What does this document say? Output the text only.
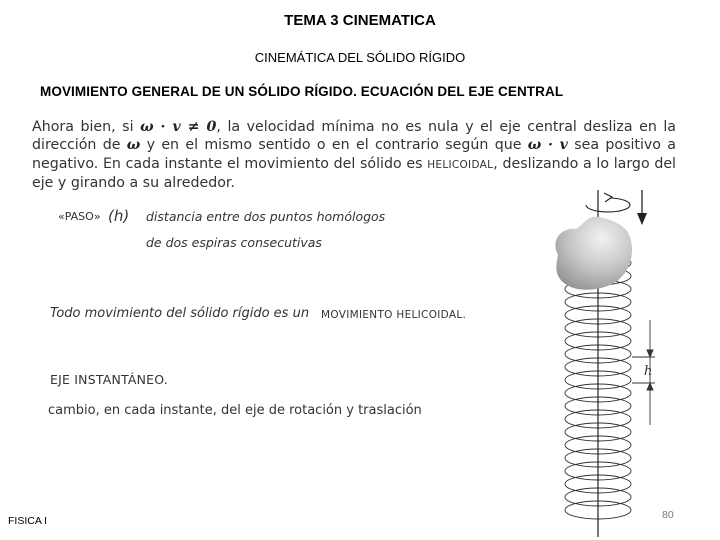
TEMA 3 CINEMATICA
CINEMÁTICA DEL SÓLIDO RÍGIDO
MOVIMIENTO GENERAL DE UN SÓLIDO RÍGIDO. ECUACIÓN DEL EJE CENTRAL
Ahora bien, si ω · v ≠ 0, la velocidad mínima no es nula y el eje central desliza en la dirección de ω y en el mismo sentido o en el contrario según que ω · v sea positivo a negativo. En cada instante el movimiento del sólido es HELICOIDAL, deslizando a lo largo del eje y girando a su alrededor.
«PASO» (h) distancia entre dos puntos homólogos
de dos espiras consecutivas
Todo movimiento del sólido rígido es un MOVIMIENTO HELICOIDAL.
EJE INSTANTÁNEO.
cambio, en cada instante, del eje de rotación y traslación
h
FISICA I	80
